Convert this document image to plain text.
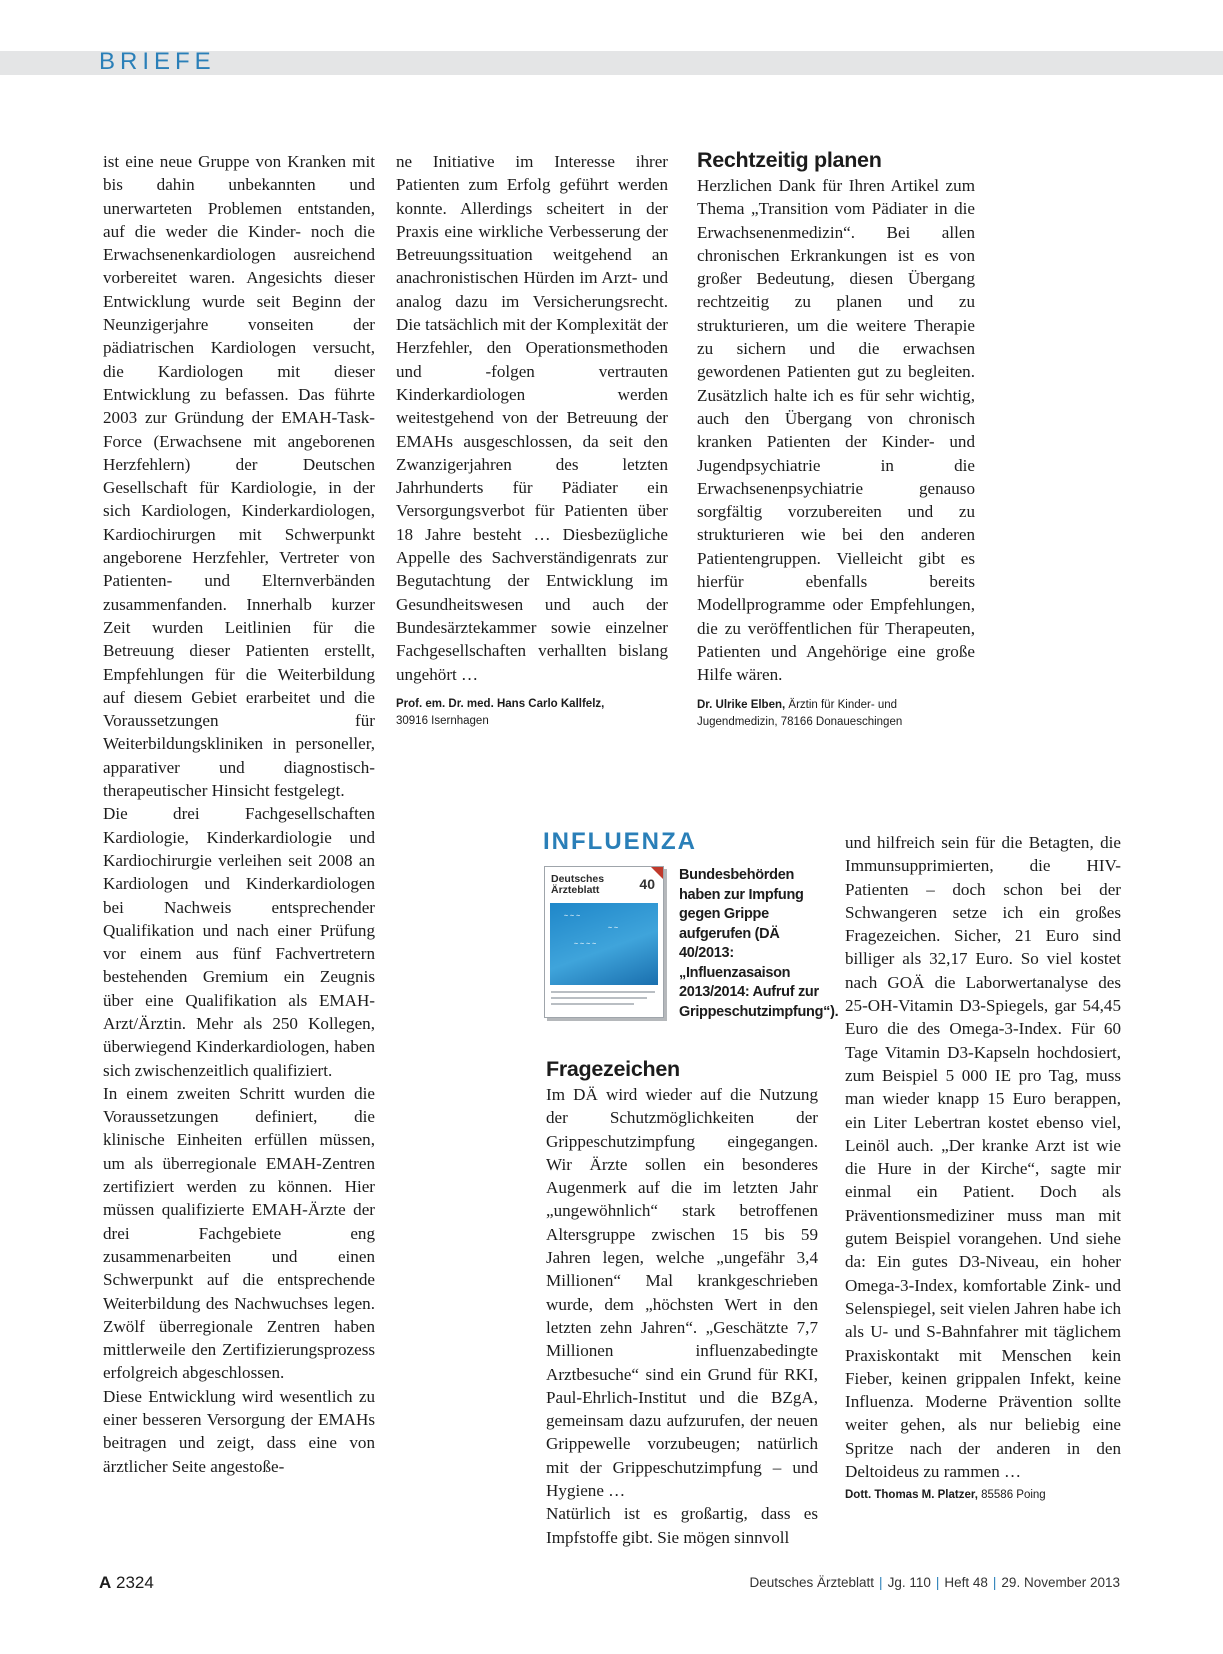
BRIEFE

ist eine neue Gruppe von Kranken mit bis dahin unbekannten und unerwarteten Problemen entstanden, auf die weder die Kinder- noch die Erwachsenenkardiologen ausreichend vorbereitet waren. Angesichts dieser Entwicklung wurde seit Beginn der Neunzigerjahre vonseiten der pädiatrischen Kardiologen versucht, die Kardiologen mit dieser Entwicklung zu befassen. Das führte 2003 zur Gründung der EMAH-Task-Force (Erwachsene mit angeborenen Herzfehlern) der Deutschen Gesellschaft für Kardiologie, in der sich Kardiologen, Kinderkardiologen, Kardiochirurgen mit Schwerpunkt angeborene Herzfehler, Vertreter von Patienten- und Elternverbänden zusammenfanden. Innerhalb kurzer Zeit wurden Leitlinien für die Betreuung dieser Patienten erstellt, Empfehlungen für die Weiterbildung auf diesem Gebiet erarbeitet und die Voraussetzungen für Weiterbildungskliniken in personeller, apparativer und diagnostisch-therapeutischer Hinsicht festgelegt.

Die drei Fachgesellschaften Kardiologie, Kinderkardiologie und Kardiochirurgie verleihen seit 2008 an Kardiologen und Kinderkardiologen bei Nachweis entsprechender Qualifikation und nach einer Prüfung vor einem aus fünf Fachvertretern bestehenden Gremium ein Zeugnis über eine Qualifikation als EMAH-Arzt/Ärztin. Mehr als 250 Kollegen, überwiegend Kinderkardiologen, haben sich zwischenzeitlich qualifiziert.

In einem zweiten Schritt wurden die Voraussetzungen definiert, die klinische Einheiten erfüllen müssen, um als überregionale EMAH-Zentren zertifiziert werden zu können. Hier müssen qualifizierte EMAH-Ärzte der drei Fachgebiete eng zusammenarbeiten und einen Schwerpunkt auf die entsprechende Weiterbildung des Nachwuchses legen. Zwölf überregionale Zentren haben mittlerweile den Zertifizierungsprozess erfolgreich abgeschlossen.

Diese Entwicklung wird wesentlich zu einer besseren Versorgung der EMAHs beitragen und zeigt, dass eine von ärztlicher Seite angestoße-

ne Initiative im Interesse ihrer Patienten zum Erfolg geführt werden konnte. Allerdings scheitert in der Praxis eine wirkliche Verbesserung der Betreuungssituation weitgehend an anachronistischen Hürden im Arzt- und analog dazu im Versicherungsrecht. Die tatsächlich mit der Komplexität der Herzfehler, den Operationsmethoden und -folgen vertrauten Kinderkardiologen werden weitestgehend von der Betreuung der EMAHs ausgeschlossen, da seit den Zwanzigerjahren des letzten Jahrhunderts für Pädiater ein Versorgungsverbot für Patienten über 18 Jahre besteht … Diesbezügliche Appelle des Sachverständigenrats zur Begutachtung der Entwicklung im Gesundheitswesen und auch der Bundesärztekammer sowie einzelner Fachgesellschaften verhallten bislang ungehört …

Prof. em. Dr. med. Hans Carlo Kallfelz,
30916 Isernhagen
Rechtzeitig planen

Herzlichen Dank für Ihren Artikel zum Thema „Transition vom Pädiater in die Erwachsenenmedizin“. Bei allen chronischen Erkrankungen ist es von großer Bedeutung, diesen Übergang rechtzeitig zu planen und zu strukturieren, um die weitere Therapie zu sichern und die erwachsen gewordenen Patienten gut zu begleiten. Zusätzlich halte ich es für sehr wichtig, auch den Übergang von chronisch kranken Patienten der Kinder- und Jugendpsychiatrie in die Erwachsenenpsychiatrie genauso sorgfältig vorzubereiten und zu strukturieren wie bei den anderen Patientengruppen. Vielleicht gibt es hierfür ebenfalls bereits Modellprogramme oder Empfehlungen, die zu veröffentlichen für Therapeuten, Patienten und Angehörige eine große Hilfe wären.

Dr. Ulrike Elben, Ärztin für Kinder- und Jugendmedizin, 78166 Donaueschingen
INFLUENZA
Deutsches Ärzteblatt	40
~ ~ ~
~ ~
~ ~ ~ ~
Bundesbehörden haben zur Impfung gegen Grippe aufgerufen (DÄ 40/2013: „Influenzasaison 2013/2014: Aufruf zur Grippeschutzimpfung“).
Fragezeichen

Im DÄ wird wieder auf die Nutzung der Schutzmöglichkeiten der Grippeschutzimpfung eingegangen. Wir Ärzte sollen ein besonderes Augenmerk auf die im letzten Jahr „ungewöhnlich“ stark betroffenen Altersgruppe zwischen 15 bis 59 Jahren legen, welche „ungefähr 3,4 Millionen“ Mal krankgeschrieben wurde, dem „höchsten Wert in den letzten zehn Jahren“. „Geschätzte 7,7 Millionen influenzabedingte Arztbesuche“ sind ein Grund für RKI, Paul-Ehrlich-Institut und die BZgA, gemeinsam dazu aufzurufen, der neuen Grippewelle vorzubeugen; natürlich mit der Grippeschutzimpfung – und Hygiene …

Natürlich ist es großartig, dass es Impfstoffe gibt. Sie mögen sinnvoll

und hilfreich sein für die Betagten, die Immunsupprimierten, die HIV-Patienten – doch schon bei der Schwangeren setze ich ein großes Fragezeichen. Sicher, 21 Euro sind billiger als 32,17 Euro. So viel kostet nach GOÄ die Laborwertanalyse des 25-OH-Vitamin D3-Spiegels, gar 54,45 Euro die des Omega-3-Index. Für 60 Tage Vitamin D3-Kapseln hochdosiert, zum Beispiel 5 000 IE pro Tag, muss man wieder knapp 15 Euro berappen, ein Liter Lebertran kostet ebenso viel, Leinöl auch. „Der kranke Arzt ist wie die Hure in der Kirche“, sagte mir einmal ein Patient. Doch als Präventionsmediziner muss man mit gutem Beispiel vorangehen. Und siehe da: Ein gutes D3-Niveau, ein hoher Omega-3-Index, komfortable Zink- und Selenspiegel, seit vielen Jahren habe ich als U- und S-Bahnfahrer mit täglichem Praxiskontakt mit Menschen kein Fieber, keinen grippalen Infekt, keine Influenza. Moderne Prävention sollte weiter gehen, als nur beliebig eine Spritze nach der anderen in den Deltoideus zu rammen …

Dott. Thomas M. Platzer, 85586 Poing
A 2324	Deutsches Ärzteblatt | Jg. 110 | Heft 48 | 29. November 2013
